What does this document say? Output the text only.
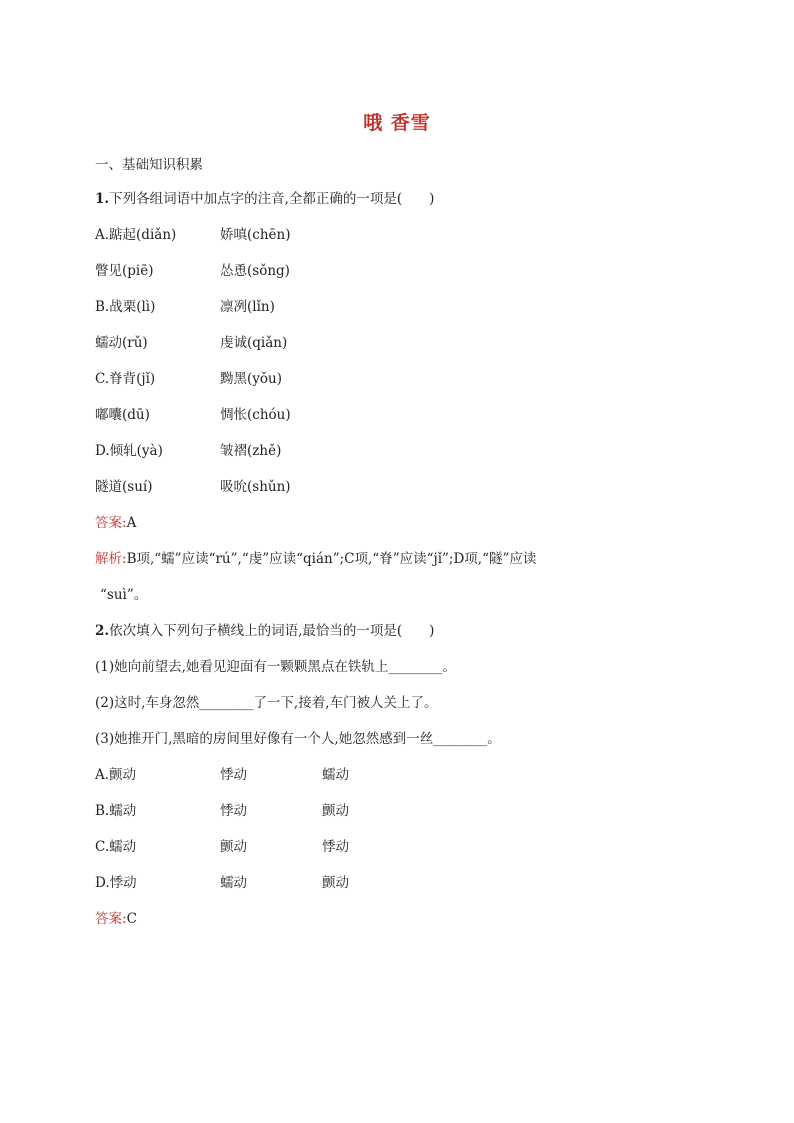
哦 香雪
一、基础知识积累
1.下列各组词语中加点字的注音,全都正确的一项是(　　)
A.踮起(diǎn)	娇嗔(chēn)
瞥见(piē)	怂恿(sǒng)
B.战栗(lì)	凛冽(lǐn)
蠕动(rǔ)	虔诚(qiǎn)
C.脊背(jǐ)	黝黑(yǒu)
嘟囔(dū)	惆怅(chóu)
D.倾轧(yà)	皱褶(zhě)
隧道(suí)	吸吮(shǔn)
答案:A
解析:B项,“蠕”应读“rú”,“虔”应读“qián”;C项,“脊”应读“jǐ”;D项,“隧”应读
“suì”。
2.依次填入下列句子横线上的词语,最恰当的一项是(　　)
(1)她向前望去,她看见迎面有一颗颗黑点在铁轨上________。
(2)这时,车身忽然________了一下,接着,车门被人关上了。
(3)她推开门,黑暗的房间里好像有一个人,她忽然感到一丝________。
A.颤动	悸动	蠕动
B.蠕动	悸动	颤动
C.蠕动	颤动	悸动
D.悸动	蠕动	颤动
答案:C
